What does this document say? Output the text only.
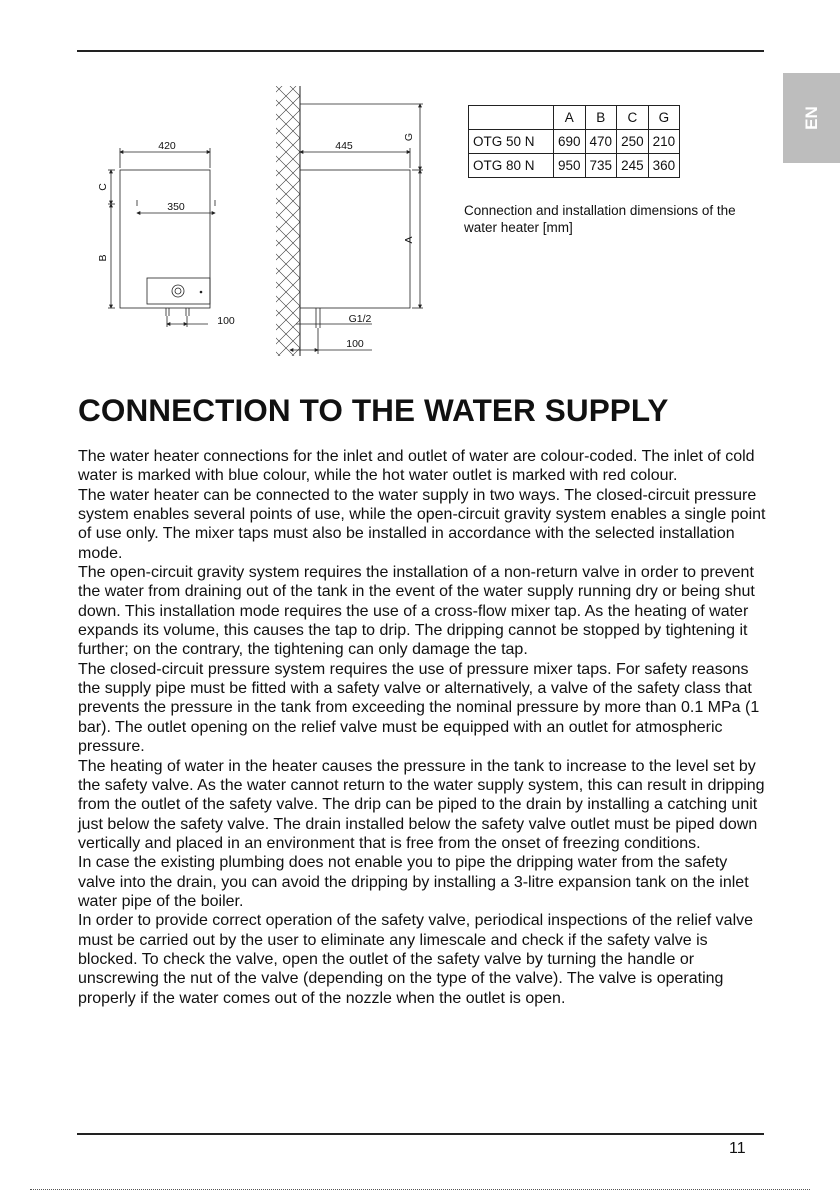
EN
420
350
C
B
100
445
G
A
G1/2
100
	A	B	C	G
OTG 50 N	690	470	250	210
OTG 80 N	950	735	245	360
Connection and installation dimensions of the water heater [mm]
CONNECTION TO THE WATER SUPPLY

The water heater connections for the inlet and outlet of water are colour-coded. The inlet of cold water is marked with blue colour, while the hot water outlet is marked with red colour.

The water heater can be connected to the water supply in two ways. The closed-circuit pressure system enables several points of use, while the open-circuit gravity system enables a single point of use only. The mixer taps must also be installed in accordance with the selected installation mode.

The open-circuit gravity system requires the installation of a non-return valve in order to prevent the water from draining out of the tank in the event of the water supply running dry or being shut down. This installation mode requires the use of a cross-flow mixer tap. As the heating of water expands its volume, this causes the tap to drip. The dripping cannot be stopped by tightening it further; on the contrary, the tightening can only damage the tap.

The closed-circuit pressure system requires the use of pressure mixer taps. For safety reasons the supply pipe must be fitted with a safety valve or alternatively, a valve of the safety class that prevents the pressure in the tank from exceeding the nominal pressure by more than 0.1 MPa (1 bar). The outlet opening on the relief valve must be equipped with an outlet for atmospheric pressure.

The heating of water in the heater causes the pressure in the tank to increase to the level set by the safety valve. As the water cannot return to the water supply system, this can result in dripping from the outlet of the safety valve. The drip can be piped to the drain by installing a catching unit just below the safety valve. The drain installed below the safety valve outlet must be piped down vertically and placed in an environment that is free from the onset of freezing conditions.

In case the existing plumbing does not enable you to pipe the dripping water from the safety valve into the drain, you can avoid the dripping by installing a 3-litre expansion tank on the inlet water pipe of the boiler.

In order to provide correct operation of the safety valve, periodical inspections of the relief valve must be carried out by the user to eliminate any limescale and check if the safety valve is blocked. To check the valve, open the outlet of the safety valve by turning the handle or unscrewing the nut of the valve (depending on the type of the valve). The valve is operating properly if the water comes out of the nozzle when the outlet is open.

11
